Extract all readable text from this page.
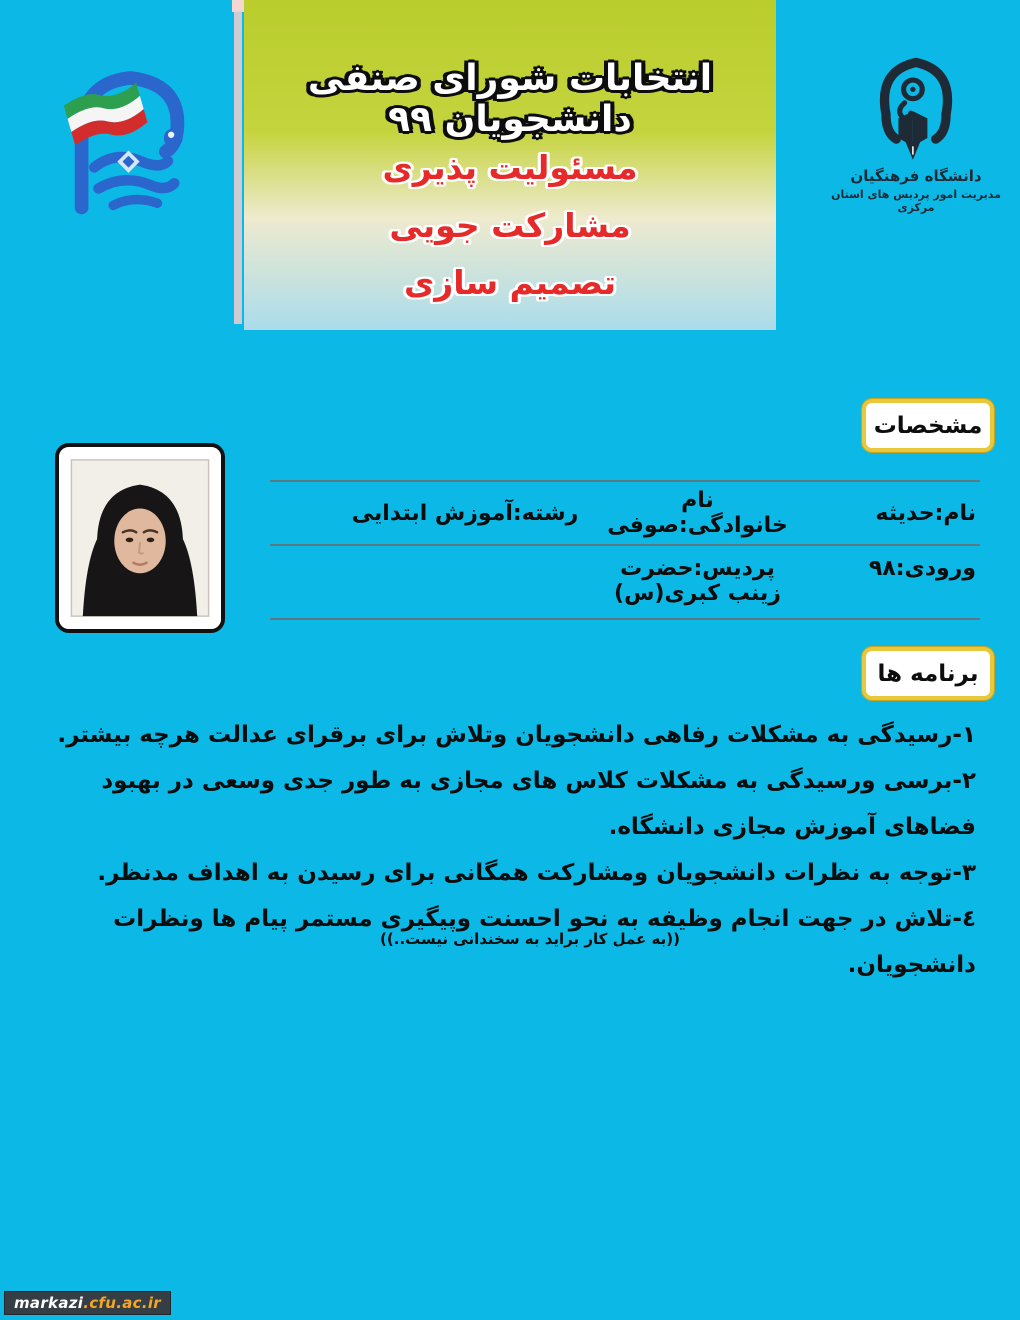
انتخابات شورای صنفی دانشجویان ۹۹
مسئولیت پذیری
مشارکت جویی
تصمیم سازی
دانشگاه فرهنگیان
مدیریت امور پردیس های استان مرکزی
مشخصات
نام:حدیثه
نام خانوادگی:صوفی
رشته:آموزش ابتدایی
ورودی:۹۸
پردیس:حضرت زینب کبری(س)
برنامه ها
۱-رسیدگی به مشکلات رفاهی دانشجویان وتلاش برای برقرای عدالت هرچه بیشتر.
۲-برسی ورسیدگی به مشکلات کلاس های مجازی به طور جدی وسعی در بهبود فضاهای آموزش مجازی دانشگاه.
۳-توجه به نظرات دانشجویان ومشارکت همگانی برای رسیدن به اهداف مدنظر.
٤-تلاش در جهت انجام وظیفه به نحو احسنت وپیگیری مستمر پیام ها ونظرات دانشجویان.
((به عمل کار براید به سخندانی نیست..))
markazi.cfu.ac.ir
